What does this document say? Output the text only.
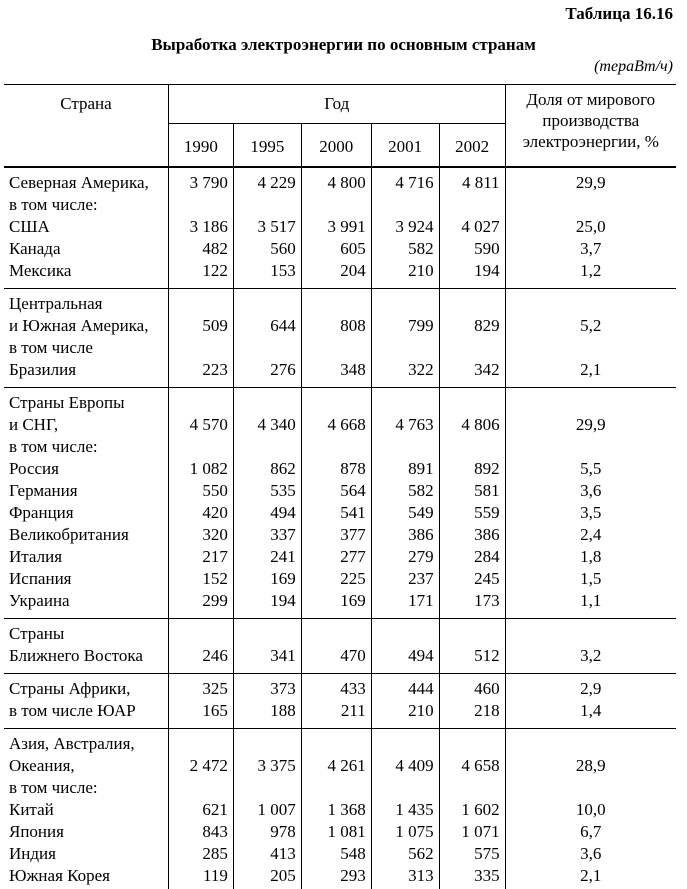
Таблица 16.16
Выработка электроэнергии по основным странам
(тераВт/ч)
Страна	Год					Доля от мирового производства электроэнергии, %
	1990	1995	2000	2001	2002	
Северная Америка,	3 790	4 229	4 800	4 716	4 811	29,9
в том числе:						
США	3 186	3 517	3 991	3 924	4 027	25,0
Канада	482	560	605	582	590	3,7
Мексика	122	153	204	210	194	1,2
Центральная						
и Южная Америка,	509	644	808	799	829	5,2
в том числе						
Бразилия	223	276	348	322	342	2,1
Страны Европы						
и СНГ,	4 570	4 340	4 668	4 763	4 806	29,9
в том числе:						
Россия	1 082	862	878	891	892	5,5
Германия	550	535	564	582	581	3,6
Франция	420	494	541	549	559	3,5
Великобритания	320	337	377	386	386	2,4
Италия	217	241	277	279	284	1,8
Испания	152	169	225	237	245	1,5
Украина	299	194	169	171	173	1,1
Страны						
Ближнего Востока	246	341	470	494	512	3,2
Страны Африки,	325	373	433	444	460	2,9
в том числе ЮАР	165	188	211	210	218	1,4
Азия, Австралия,						
Океания,	2 472	3 375	4 261	4 409	4 658	28,9
в том числе:						
Китай	621	1 007	1 368	1 435	1 602	10,0
Япония	843	978	1 081	1 075	1 071	6,7
Индия	285	413	548	562	575	3,6
Южная Корея	119	205	293	313	335	2,1
